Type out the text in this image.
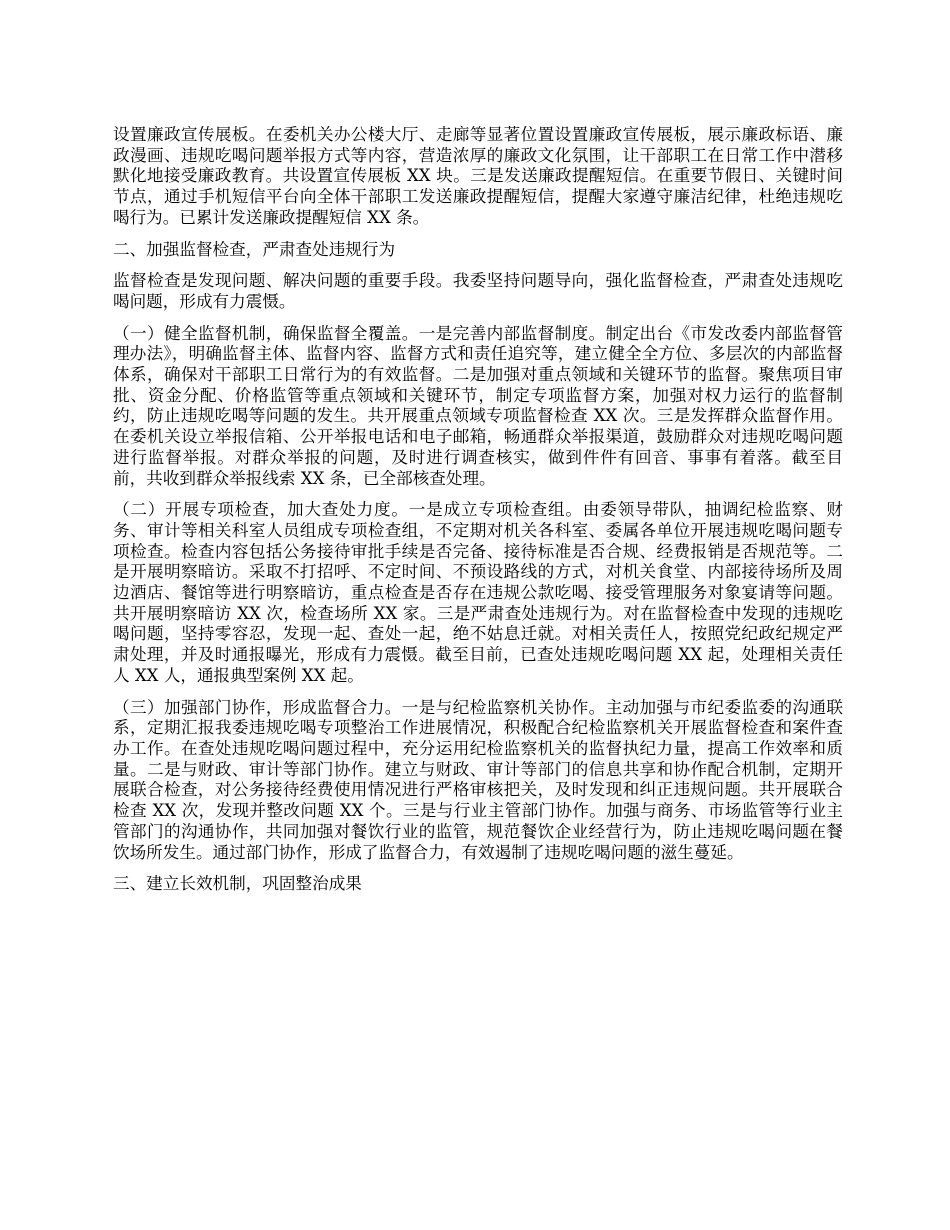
设置廉政宣传展板。在委机关办公楼大厅、走廊等显著位置设置廉政宣传展板，展示廉政标语、廉政漫画、违规吃喝问题举报方式等内容，营造浓厚的廉政文化氛围，让干部职工在日常工作中潜移默化地接受廉政教育。共设置宣传展板 XX 块。三是发送廉政提醒短信。在重要节假日、关键时间节点，通过手机短信平台向全体干部职工发送廉政提醒短信，提醒大家遵守廉洁纪律，杜绝违规吃喝行为。已累计发送廉政提醒短信 XX 条。

二、加强监督检查，严肃查处违规行为

监督检查是发现问题、解决问题的重要手段。我委坚持问题导向，强化监督检查，严肃查处违规吃喝问题，形成有力震慑。

（一）健全监督机制，确保监督全覆盖。一是完善内部监督制度。制定出台《市发改委内部监督管理办法》，明确监督主体、监督内容、监督方式和责任追究等，建立健全全方位、多层次的内部监督体系，确保对干部职工日常行为的有效监督。二是加强对重点领域和关键环节的监督。聚焦项目审批、资金分配、价格监管等重点领域和关键环节，制定专项监督方案，加强对权力运行的监督制约，防止违规吃喝等问题的发生。共开展重点领域专项监督检查 XX 次。三是发挥群众监督作用。在委机关设立举报信箱、公开举报电话和电子邮箱，畅通群众举报渠道，鼓励群众对违规吃喝问题进行监督举报。对群众举报的问题，及时进行调查核实，做到件件有回音、事事有着落。截至目前，共收到群众举报线索 XX 条，已全部核查处理。

（二）开展专项检查，加大查处力度。一是成立专项检查组。由委领导带队，抽调纪检监察、财务、审计等相关科室人员组成专项检查组，不定期对机关各科室、委属各单位开展违规吃喝问题专项检查。检查内容包括公务接待审批手续是否完备、接待标准是否合规、经费报销是否规范等。二是开展明察暗访。采取不打招呼、不定时间、不预设路线的方式，对机关食堂、内部接待场所及周边酒店、餐馆等进行明察暗访，重点检查是否存在违规公款吃喝、接受管理服务对象宴请等问题。共开展明察暗访 XX 次，检查场所 XX 家。三是严肃查处违规行为。对在监督检查中发现的违规吃喝问题，坚持零容忍，发现一起、查处一起，绝不姑息迁就。对相关责任人，按照党纪政纪规定严肃处理，并及时通报曝光，形成有力震慑。截至目前，已查处违规吃喝问题 XX 起，处理相关责任人 XX 人，通报典型案例 XX 起。

（三）加强部门协作，形成监督合力。一是与纪检监察机关协作。主动加强与市纪委监委的沟通联系，定期汇报我委违规吃喝专项整治工作进展情况，积极配合纪检监察机关开展监督检查和案件查办工作。在查处违规吃喝问题过程中，充分运用纪检监察机关的监督执纪力量，提高工作效率和质量。二是与财政、审计等部门协作。建立与财政、审计等部门的信息共享和协作配合机制，定期开展联合检查，对公务接待经费使用情况进行严格审核把关，及时发现和纠正违规问题。共开展联合检查 XX 次，发现并整改问题 XX 个。三是与行业主管部门协作。加强与商务、市场监管等行业主管部门的沟通协作，共同加强对餐饮行业的监管，规范餐饮企业经营行为，防止违规吃喝问题在餐饮场所发生。通过部门协作，形成了监督合力，有效遏制了违规吃喝问题的滋生蔓延。

三、建立长效机制，巩固整治成果
